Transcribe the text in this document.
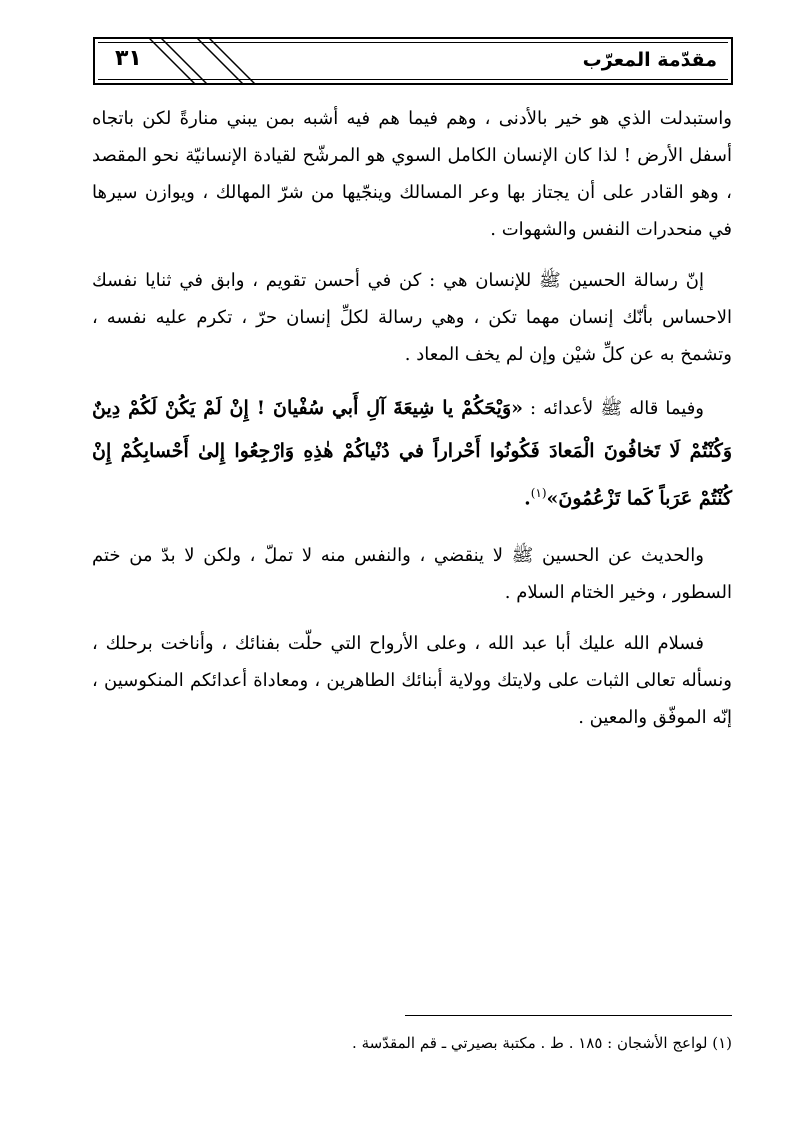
مقدّمة المعرّب
٣١

واستبدلت الذي هو خير بالأدنى ، وهم فيما هم فيه أشبه بمن يبني منارةً لكن باتجاه أسفل الأرض ! لذا كان الإنسان الكامل السوي هو المرشّح لقيادة الإنسانيّة نحو المقصد ، وهو القادر على أن يجتاز بها وعر المسالك وينجّيها من شرّ المهالك ، ويوازن سيرها في منحدرات النفس والشهوات .

إنّ رسالة الحسين ﷺ للإنسان هي : كن في أحسن تقويم ، وابق في ثنايا نفسك الاحساس بأنّك إنسان مهما تكن ، وهي رسالة لكلِّ إنسان حرّ ، تكرم عليه نفسه ، وتشمخ به عن كلِّ شيْن وإن لم يخف المعاد .

وفيما قاله ﷺ لأعدائه : «وَيْحَكُمْ يا شِيعَةَ آلِ أَبي سُفْيانَ ! إِنْ لَمْ يَكُنْ لَكُمْ دِينٌ وَكُنْتُمْ لَا تَخافُونَ الْمَعادَ فَكُونُوا أَحْراراً في دُنْياكُمْ هٰذِهِ وَارْجِعُوا إِلىٰ أَحْسابِكُمْ إِنْ كُنْتُمْ عَرَباً كَما تَزْعُمُونَ»$^{(١)}$.

والحديث عن الحسين ﷺ لا ينقضي ، والنفس منه لا تملّ ، ولكن لا بدّ من ختم السطور ، وخير الختام السلام .

فسلام الله عليك أبا عبد الله ، وعلى الأرواح التي حلّت بفنائك ، وأناخت برحلك ، ونسأله تعالى الثبات على ولايتك وولاية أبنائك الطاهرين ، ومعاداة أعدائكم المنكوسين ، إنّه الموفّق والمعين .

(١) لواعج الأشجان : ١٨٥ . ط . مكتبة بصيرتي ـ قم المقدّسة .
